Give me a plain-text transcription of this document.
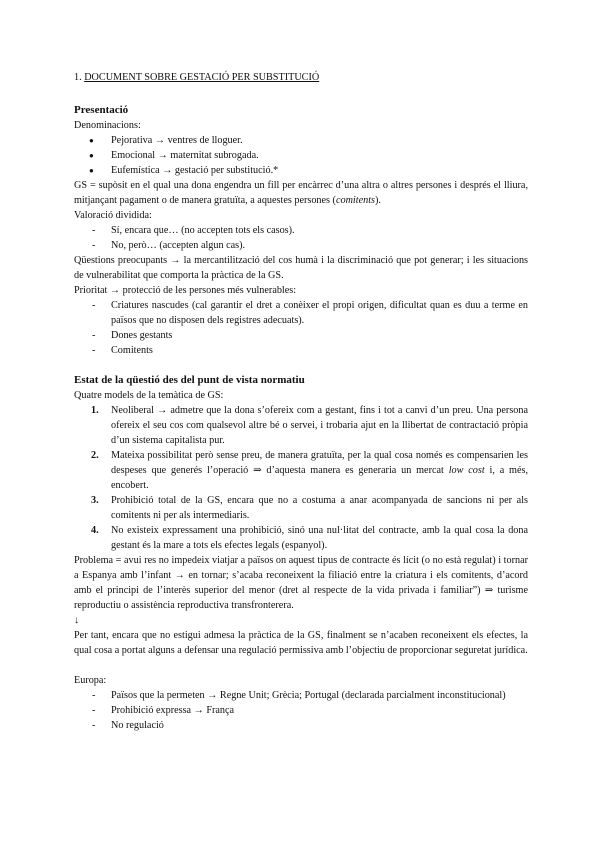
1. DOCUMENT SOBRE GESTACIÓ PER SUBSTITUCIÓ
Presentació

Denominacions:

● Pejorativa → ventres de lloguer.
● Emocional → maternitat subrogada.
● Eufemística → gestació per substitució.*

GS = supòsit en el qual una dona engendra un fill per encàrrec d’una altra o altres persones i després el lliura, mitjançant pagament o de manera gratuïta, a aquestes persones (comitents).

Valoració dividida:

- Sí, encara que… (no accepten tots els casos).
- No, però… (accepten algun cas).

Qüestions preocupants → la mercantilització del cos humà i la discriminació que pot generar; i les situacions de vulnerabilitat que comporta la pràctica de la GS.

Prioritat → protecció de les persones més vulnerables:

- Criatures nascudes (cal garantir el dret a conèixer el propi origen, dificultat quan es duu a terme en països que no disposen dels registres adecuats).
- Dones gestants
- Comitents
Estat de la qüestió des del punt de vista normatiu

Quatre models de la temàtica de GS:

1. Neoliberal → admetre que la dona s’ofereix com a gestant, fins i tot a canvi d’un preu. Una persona ofereix el seu cos com qualsevol altre bé o servei, i trobaria ajut en la llibertat de contractació pròpia d’un sistema capitalista pur.
2. Mateixa possibilitat però sense preu, de manera gratuïta, per la qual cosa només es compensarien les despeses que generés l’operació ⇒ d’aquesta manera es generaria un mercat low cost i, a més, encobert.
3. Prohibició total de la GS, encara que no a costuma a anar acompanyada de sancions ni per als comitents ni per als intermediaris.
4. No existeix expressament una prohibició, sinó una nul·litat del contracte, amb la qual cosa la dona gestant és la mare a tots els efectes legals (espanyol).

Problema = avui res no impedeix viatjar a països on aquest tipus de contracte és lícit (o no està regulat) i tornar a Espanya amb l’infant → en tornar; s’acaba reconeixent la filiació entre la criatura i els comitents, d’acord amb el principi de l’interès superior del menor (dret al respecte de la vida privada i familiar”) ⇒ turisme reproductiu o assistència reproductiva transfronterera.

↓

Per tant, encara que no estigui admesa la pràctica de la GS, finalment se n’acaben reconeixent els efectes, la qual cosa a portat alguns a defensar una regulació permissiva amb l’objectiu de proporcionar seguretat jurídica.

Europa:

- Països que la permeten → Regne Unit; Grècia; Portugal (declarada parcialment inconstitucional)
- Prohibició expressa → França
- No regulació
